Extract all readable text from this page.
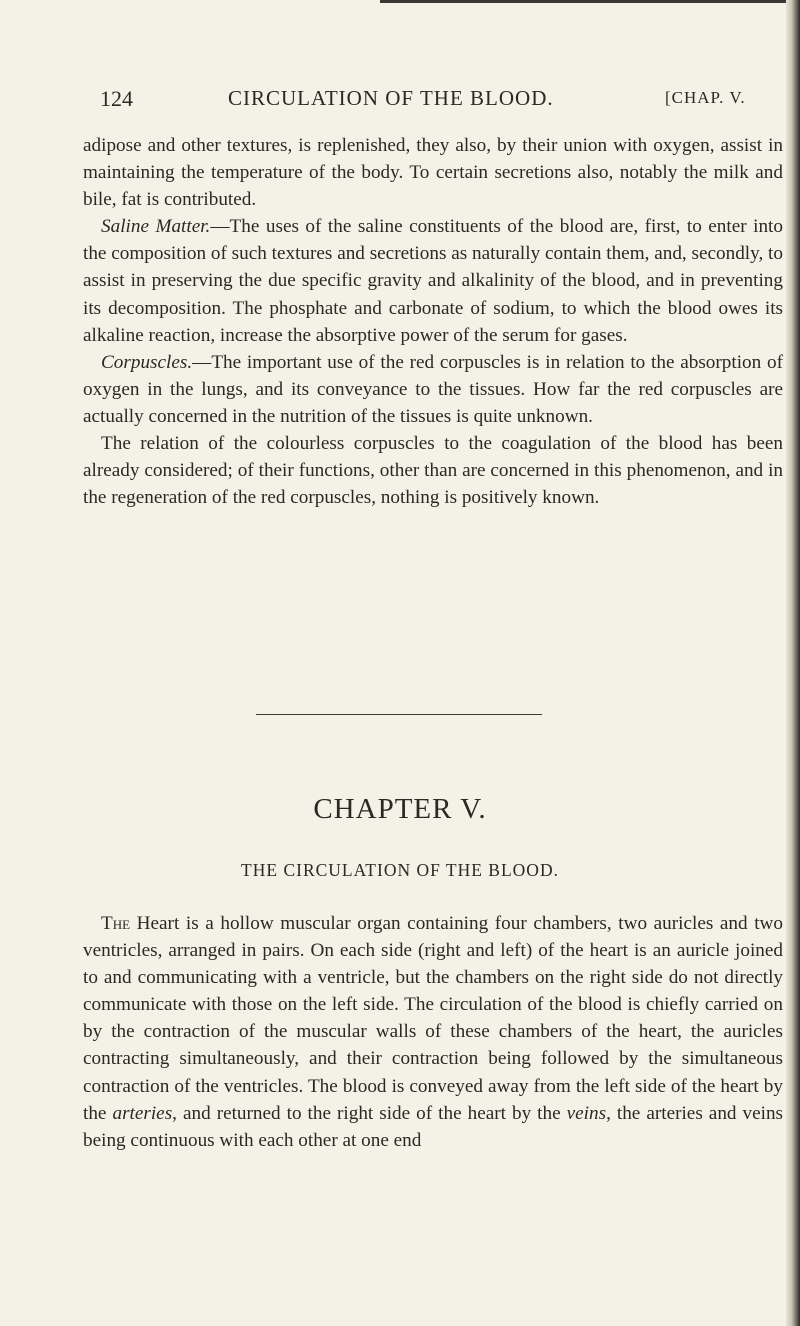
124	CIRCULATION OF THE BLOOD.	[CHAP. V.

adipose and other textures, is replenished, they also, by their union with oxygen, assist in maintaining the temperature of the body. To certain secretions also, notably the milk and bile, fat is contributed.

Saline Matter.—The uses of the saline constituents of the blood are, first, to enter into the composition of such textures and secretions as naturally contain them, and, secondly, to assist in preserving the due specific gravity and alkalinity of the blood, and in preventing its decomposition. The phosphate and carbonate of sodium, to which the blood owes its alkaline reaction, increase the absorptive power of the serum for gases.

Corpuscles.—The important use of the red corpuscles is in relation to the absorption of oxygen in the lungs, and its conveyance to the tissues. How far the red corpuscles are actually concerned in the nutrition of the tissues is quite unknown.

The relation of the colourless corpuscles to the coagulation of the blood has been already considered; of their functions, other than are concerned in this phenomenon, and in the regeneration of the red corpuscles, nothing is positively known.

CHAPTER V.
THE CIRCULATION OF THE BLOOD.

The Heart is a hollow muscular organ containing four chambers, two auricles and two ventricles, arranged in pairs. On each side (right and left) of the heart is an auricle joined to and communicating with a ventricle, but the chambers on the right side do not directly communicate with those on the left side. The circulation of the blood is chiefly carried on by the contraction of the muscular walls of these chambers of the heart, the auricles contracting simultaneously, and their contraction being followed by the simultaneous contraction of the ventricles. The blood is conveyed away from the left side of the heart by the arteries, and returned to the right side of the heart by the veins, the arteries and veins being continuous with each other at one end
